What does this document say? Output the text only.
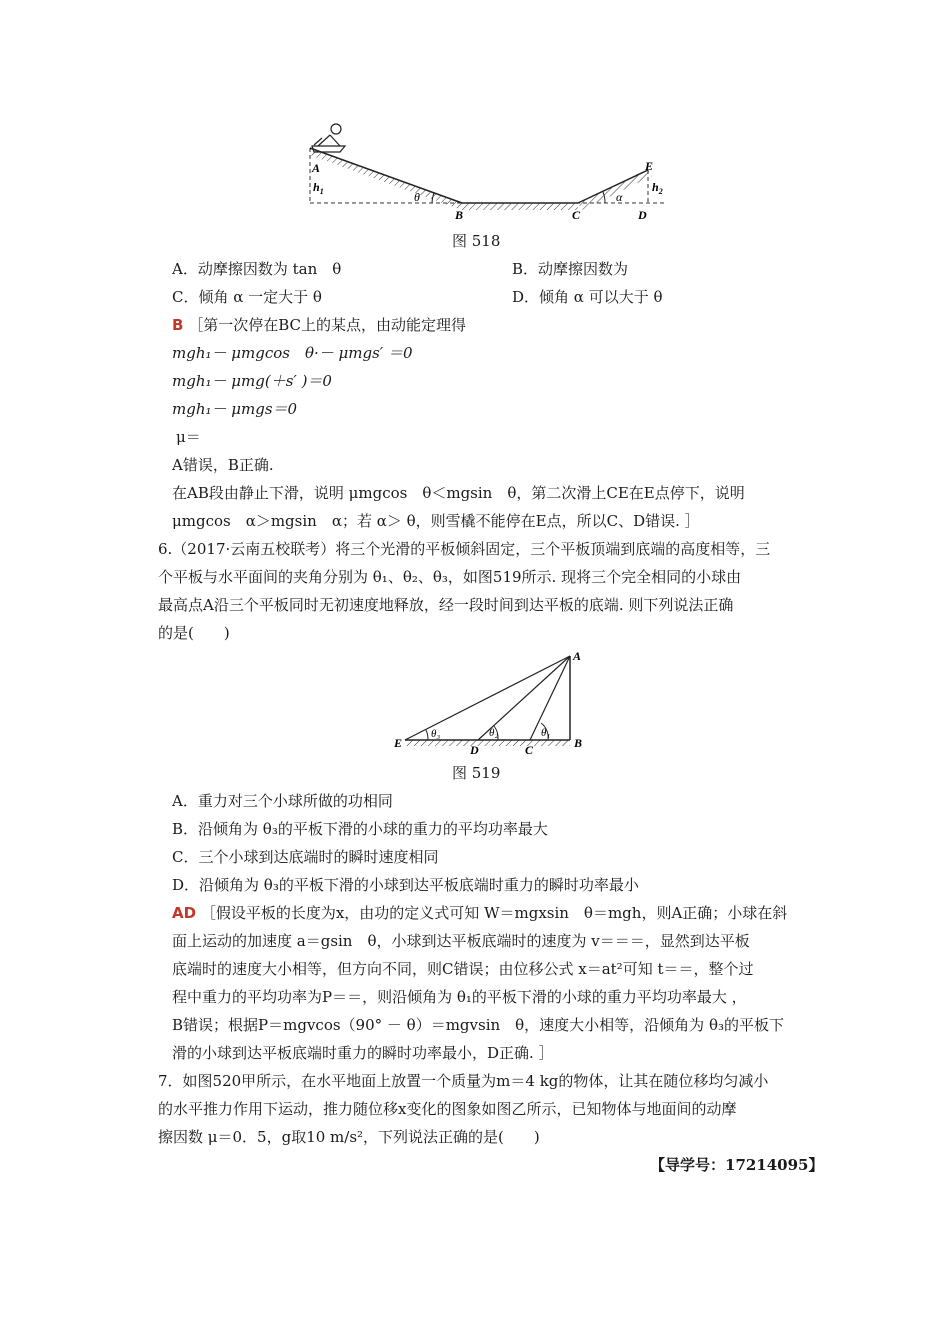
A
$h_1$	θ
B	C
α
D
E
$h_2$
图 518
A．动摩擦因数为 tan　θ	B．动摩擦因数为
C．倾角 α 一定大于 θ	D．倾角 α 可以大于 θ
B ［第一次停在BC上的某点，由动能定理得
mgh₁－ μmgcos　θ·－ μmgs′ ＝0
mgh₁－ μmg(＋s′ )＝0
mgh₁－ μmgs＝0
μ＝
A错误，B正确.
在AB段由静止下滑，说明 μmgcos　θ＜mgsin　θ，第二次滑上CE在E点停下，说明
μmgcos　α＞mgsin　α；若 α＞ θ，则雪橇不能停在E点，所以C、D错误. ］
6.（2017·云南五校联考）将三个光滑的平板倾斜固定，三个平板顶端到底端的高度相等，三
个平板与水平面间的夹角分别为 θ₁、θ₂、θ₃，如图519所示. 现将三个完全相同的小球由
最高点A沿三个平板同时无初速度地释放，经一段时间到达平板的底端. 则下列说法正确
的是(　　)
A
B
C
D
E
θ₁
θ₂
θ₃
图 519
A．重力对三个小球所做的功相同
B．沿倾角为 θ₃的平板下滑的小球的重力的平均功率最大
C．三个小球到达底端时的瞬时速度相同
D．沿倾角为 θ₃的平板下滑的小球到达平板底端时重力的瞬时功率最小
AD ［假设平板的长度为x，由功的定义式可知 W＝mgxsin　θ＝mgh，则A正确；小球在斜
面上运动的加速度 a＝gsin　θ，小球到达平板底端时的速度为 v＝＝＝，显然到达平板
底端时的速度大小相等，但方向不同，则C错误；由位移公式 x＝at²可知 t＝＝，整个过
程中重力的平均功率为P＝＝，则沿倾角为 θ₁的平板下滑的小球的重力平均功率最大 ，
B错误；根据P＝mgvcos（90° － θ）＝mgvsin　θ，速度大小相等，沿倾角为 θ₃的平板下
滑的小球到达平板底端时重力的瞬时功率最小，D正确. ］
7．如图520甲所示，在水平地面上放置一个质量为m＝4 kg的物体，让其在随位移均匀减小
的水平推力作用下运动，推力随位移x变化的图象如图乙所示，已知物体与地面间的动摩
擦因数 μ＝0．5，g取10 m/s²，下列说法正确的是(　　)
【导学号：17214095】
